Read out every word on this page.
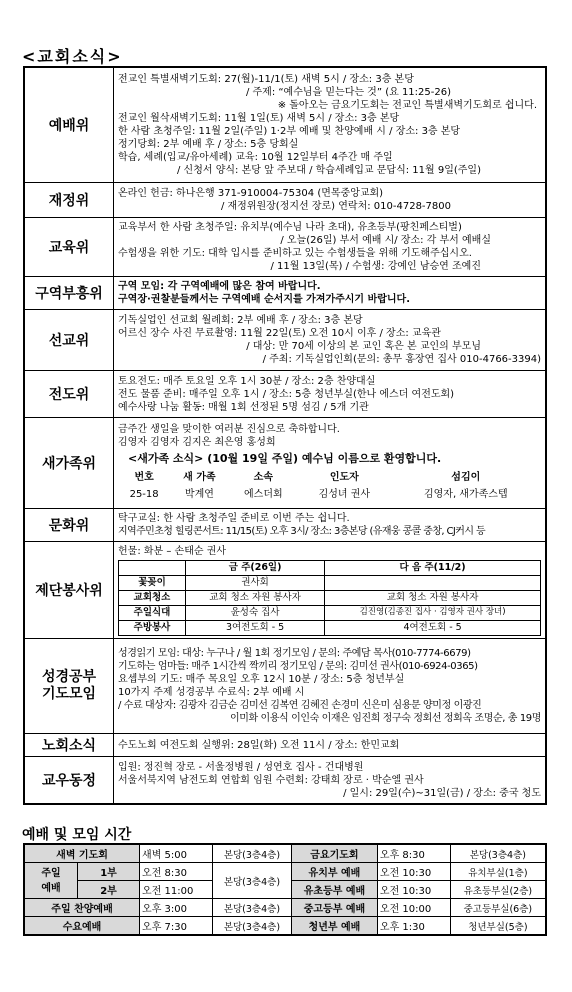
<교회소식>
예배위	
전교인 특별새벽기도회: 27(월)-11/1(토) 새벽 5시 / 장소: 3층 본당
/ 주제: “예수님을 믿는다는 것” (요 11:25-26)
※ 돌아오는 금요기도회는 전교인 특별새벽기도회로 쉽니다.
전교인 월삭새벽기도회: 11월 1일(토) 새벽 5시 / 장소: 3층 본당
한 사람 초청주일: 11월 2일(주일) 1·2부 예배 및 찬양예배 시 / 장소: 3층 본당
정기당회: 2부 예배 후 / 장소: 5층 당회실
학습, 세례(입교/유아세례) 교육: 10월 12일부터 4주간 매 주일
/ 신청서 양식: 본당 앞 주보대 / 학습세례입교 문답식: 11월 9일(주일)

재정위	온라인 헌금: 하나은행 371-910004-75304 (면목중앙교회)
/ 재정위원장(정지선 장로) 연락처: 010-4728-7800

교육위	
교육부서 한 사람 초청주일: 유치부(예수님 나라 초대), 유초등부(팡친페스티벌)
/ 오늘(26일) 부서 예배 시/ 장소: 각 부서 예배실
수험생을 위한 기도: 대학 입시를 준비하고 있는 수험생들을 위해 기도해주십시오.
/ 11월 13일(목) / 수험생: 강예인 남승연 조예진

구역부흥위	구역 모임: 각 구역예배에 많은 참여 바랍니다.
구역장·권찰분들께서는 구역예배 순서지를 가져가주시기 바랍니다.

선교위	
기독실업인 선교회 월례회: 2부 예배 후 / 장소: 3층 본당
어르신 장수 사진 무료촬영: 11월 22일(토) 오전 10시 이후 / 장소: 교육관
/ 대상: 만 70세 이상의 본 교인 혹은 본 교인의 부모님
/ 주최: 기독실업인회(문의: 총무 홍장연 집사 010-4766-3394)

전도위	
토요전도: 매주 토요일 오후 1시 30분 / 장소: 2층 찬양대실
전도 물품 준비: 매주일 오후 1시 / 장소: 5층 청년부실(한나 에스더 여전도회)
예수사랑 나눔 활동: 매월 1회 선정된 5명 섬김 / 5개 기관

새가족위	
금주간 생일을 맞이한 여러분 진심으로 축하합니다.
김영자 김영자 김지은 최은영 홍성희
<새가족 소식> (10월 19일 주일) 예수님 이름으로 환영합니다.
번호	새 가족	소속	인도자	섬김이
25-18	박계연	에스더회	김성녀 권사	김영자, 새가족스텝

문화위	탁구교실: 한 사람 초청주일 준비로 이번 주는 쉽니다.
지역주민초청 힐링콘서트: 11/15(토) 오후 3시/ 장소: 3층본당 (유재웅 콩콜 중창, CJ커시 등

제단봉사위	
헌물: 화분 – 손태순 권사
	금 주(26일)	다 음 주(11/2)
꽃꽂이	권사회	
교회청소	교회 청소 자원 봉사자	교회 청소 자원 봉사자
주일식대	윤성숙 집사	김진영(김종진 집사 · 김영자 권사 장녀)
주방봉사	3여전도회 - 5	4여전도회 - 5

성경공부 기도모임	
성경읽기 모임: 대상: 누구나 / 월 1회 정기모임 / 문의: 주예담 목사(010-7774-6679)
기도하는 엄마들: 매주 1시간씩 짝끼리 정기모임 / 문의: 김미선 권사(010-6924-0365)
요셉부의 기도: 매주 목요일 오후 12시 10분 / 장소: 5층 청년부실
10가지 주제 성경공부 수료식: 2부 예배 시
/ 수료 대상자: 김광자 김금순 김미선 김복연 김혜진 손경미 신은미 심용문 양미정 이광진
이미화 이용식 이인숙 이재은 임진희 정구숙 정회선 정회옥 조명순, 총 19명

노회소식	수도노회 여전도회 실행위: 28일(화) 오전 11시 / 장소: 한민교회

교우동정	
입원: 정진혁 장로 - 서울정병원 / 성연호 집사 - 건대병원
서울서북지역 남전도회 연합회 임원 수련회: 강태희 장로 · 박순엘 권사
/ 일시: 29일(수)~31일(금) / 장소: 중국 청도
예배 및 모임 시간
새벽 기도회		새벽 5:00	본당(3층4층)	금요기도회	오후 8:30	본당(3층4층)
주일
예배	1부	오전 8:30	본당(3층4층)	유치부 예배	오전 10:30	유치부실(1층)
	2부	오전 11:00		유초등부 예배	오전 10:30	유초등부실(2층)
주일 찬양예배		오후 3:00	본당(3층4층)	중고등부 예배	오전 10:00	중고등부실(6층)
수요예배		오후 7:30	본당(3층4층)	청년부 예배	오후 1:30	청년부실(5층)
